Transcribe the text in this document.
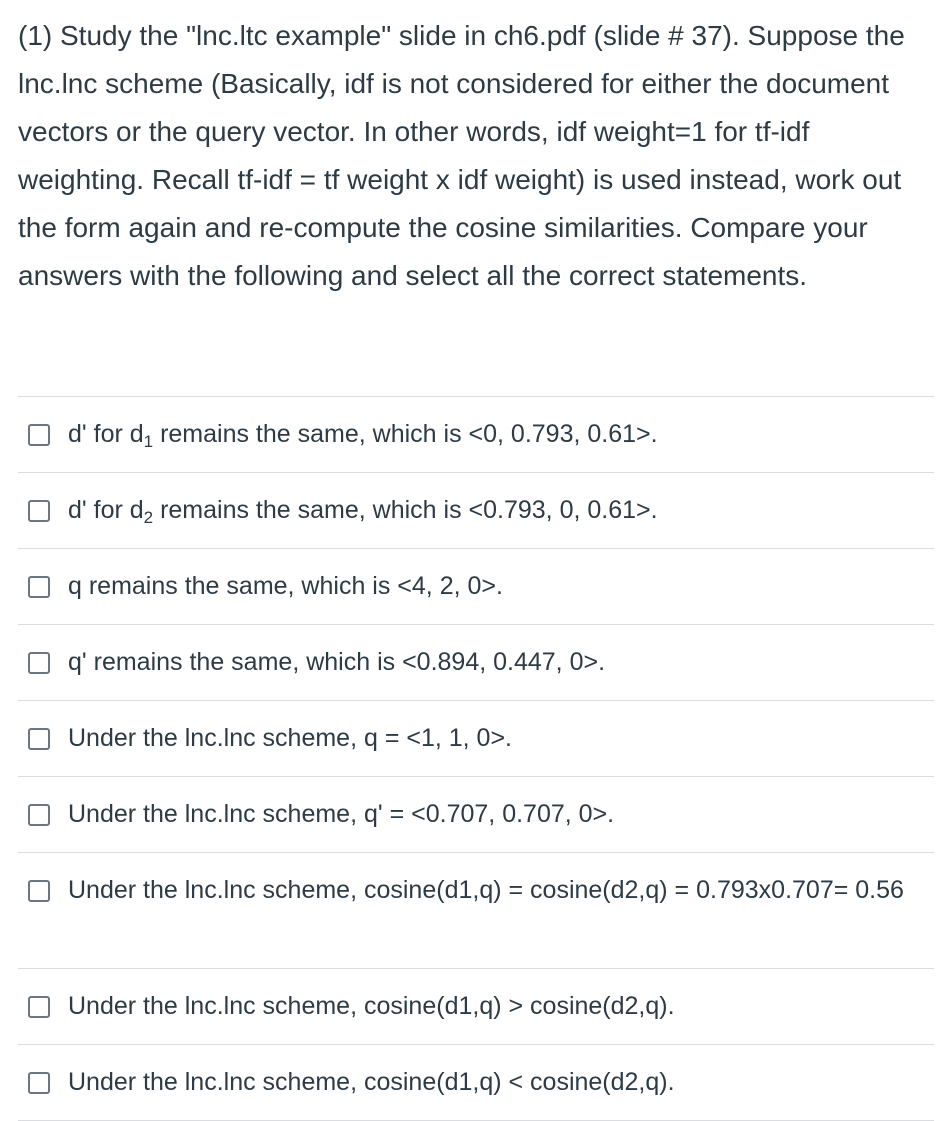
(1) Study the "lnc.ltc example" slide in ch6.pdf (slide # 37). Suppose the lnc.lnc scheme (Basically, idf is not considered for either the document vectors or the query vector. In other words, idf weight=1 for tf-idf weighting. Recall tf-idf = tf weight x idf weight) is used instead, work out the form again and re-compute the cosine similarities. Compare your answers with the following and select all the correct statements.

d' for $d_1$ remains the same, which is <0, 0.793, 0.61>.
d' for $d_2$ remains the same, which is <0.793, 0, 0.61>.
q remains the same, which is <4, 2, 0>.
q' remains the same, which is <0.894, 0.447, 0>.
Under the lnc.lnc scheme, q = <1, 1, 0>.
Under the lnc.lnc scheme, q' = <0.707, 0.707, 0>.
Under the lnc.lnc scheme, cosine(d1,q) = cosine(d2,q) = 0.793x0.707= 0.56
Under the lnc.lnc scheme, cosine(d1,q) > cosine(d2,q).
Under the lnc.lnc scheme, cosine(d1,q) < cosine(d2,q).
